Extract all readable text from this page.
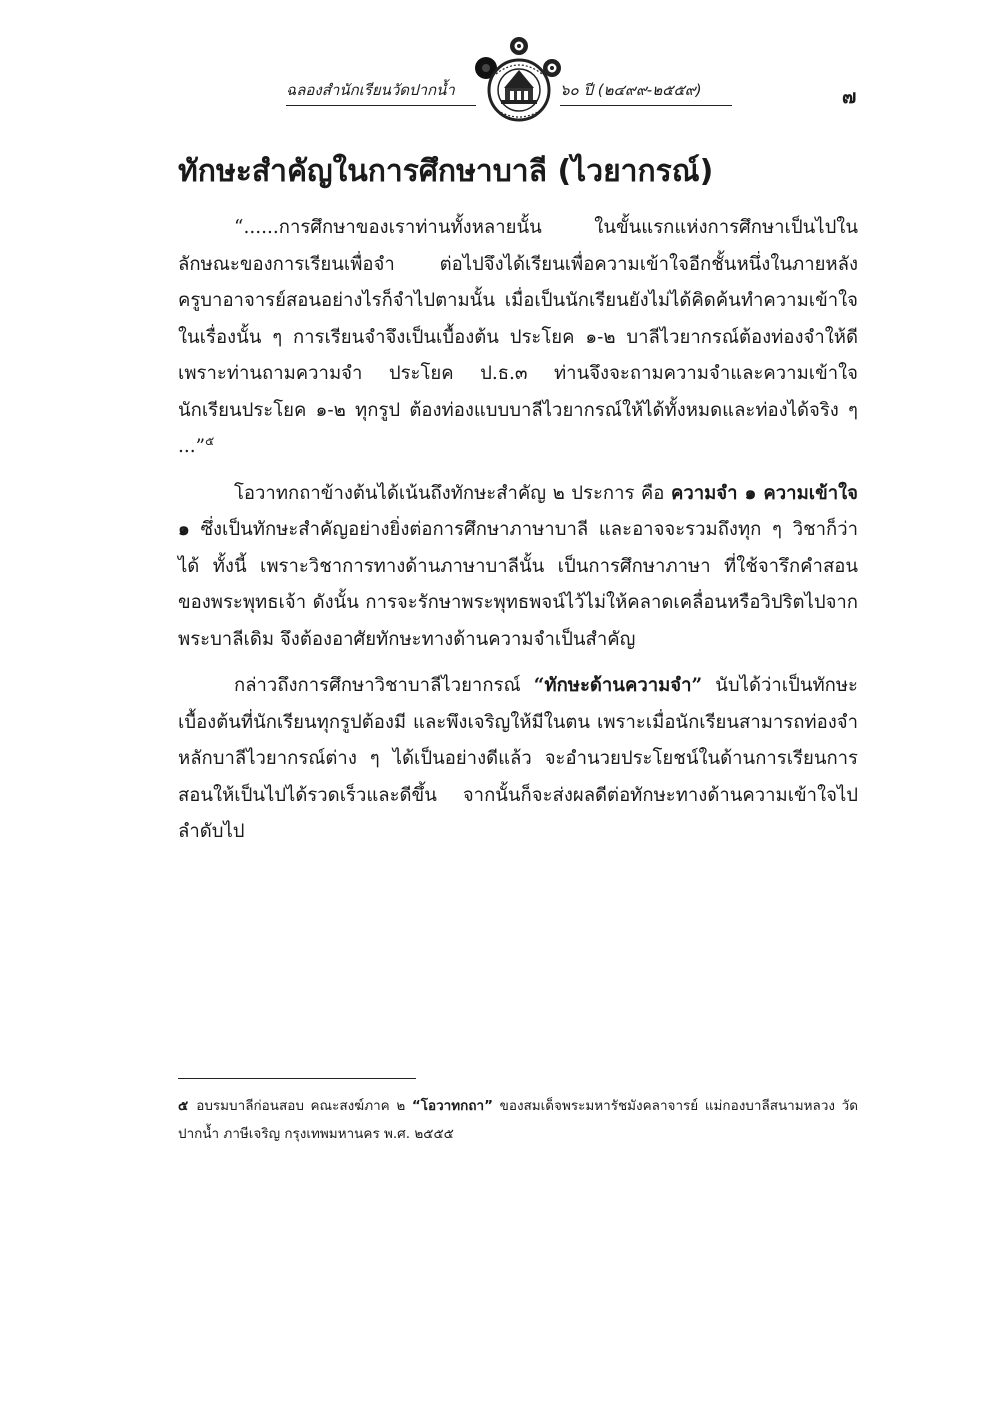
ฉลองสำนักเรียนวัดปากน้ำ	๖๐ ปี (๒๔๙๙-๒๕๕๙)	๗
ทักษะสำคัญในการศึกษาบาลี (ไวยากรณ์)

“......การศึกษาของเราท่านทั้งหลายนั้น ในขั้นแรกแห่งการศึกษาเป็นไปในลักษณะของการเรียนเพื่อจำ ต่อไปจึงได้เรียนเพื่อความเข้าใจอีกชั้นหนึ่งในภายหลัง ครูบาอาจารย์สอนอย่างไรก็จำไปตามนั้น เมื่อเป็นนักเรียนยังไม่ได้คิดค้นทำความเข้าใจในเรื่องนั้น ๆ การเรียนจำจึงเป็นเบื้องต้น ประโยค ๑-๒ บาลีไวยากรณ์ต้องท่องจำให้ดี เพราะท่านถามความจำ ประโยค ป.ธ.๓ ท่านจึงจะถามความจำและความเข้าใจ นักเรียนประโยค ๑-๒ ทุกรูป ต้องท่องแบบบาลีไวยากรณ์ให้ได้ทั้งหมดและท่องได้จริง ๆ ...”$^๕$

โอวาทกถาข้างต้นได้เน้นถึงทักษะสำคัญ ๒ ประการ คือ ความจำ ๑ ความเข้าใจ ๑ ซึ่งเป็นทักษะสำคัญอย่างยิ่งต่อการศึกษาภาษาบาลี และอาจจะรวมถึงทุก ๆ วิชาก็ว่าได้ ทั้งนี้ เพราะวิชาการทางด้านภาษาบาลีนั้น เป็นการศึกษาภาษา ที่ใช้จารึกคำสอนของพระพุทธเจ้า ดังนั้น การจะรักษาพระพุทธพจน์ไว้ไม่ให้คลาดเคลื่อนหรือวิปริตไปจากพระบาลีเดิม จึงต้องอาศัยทักษะทางด้านความจำเป็นสำคัญ

กล่าวถึงการศึกษาวิชาบาลีไวยากรณ์ “ทักษะด้านความจำ” นับได้ว่าเป็นทักษะเบื้องต้นที่นักเรียนทุกรูปต้องมี และพึงเจริญให้มีในตน เพราะเมื่อนักเรียนสามารถท่องจำหลักบาลีไวยากรณ์ต่าง ๆ ได้เป็นอย่างดีแล้ว จะอำนวยประโยชน์ในด้านการเรียนการสอนให้เป็นไปได้รวดเร็วและดีขึ้น จากนั้นก็จะส่งผลดีต่อทักษะทางด้านความเข้าใจไปลำดับไป

๕ อบรมบาลีก่อนสอบ คณะสงฆ์ภาค ๒ “โอวาทกถา” ของสมเด็จพระมหารัชมังคลาจารย์ แม่กองบาลีสนามหลวง วัดปากน้ำ ภาษีเจริญ กรุงเทพมหานคร พ.ศ. ๒๕๕๕
